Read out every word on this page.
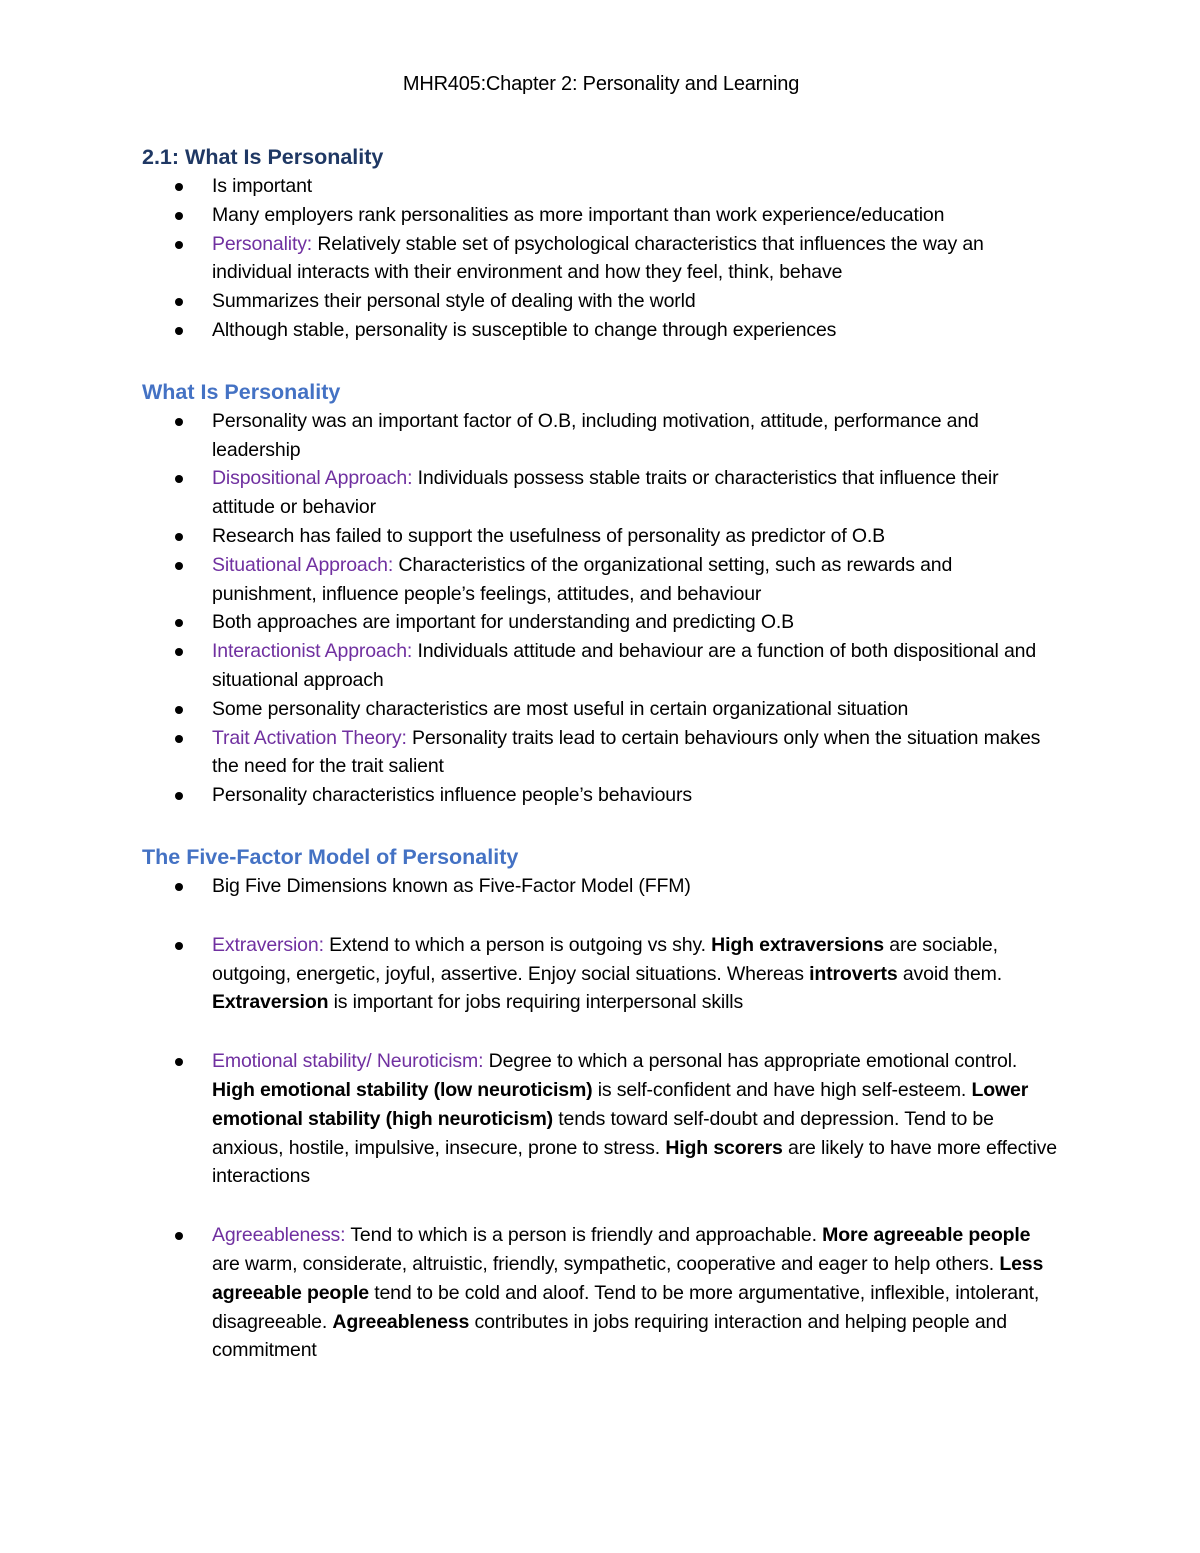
MHR405:Chapter 2: Personality and Learning
2.1: What Is Personality
Is important
Many employers rank personalities as more important than work experience/education
Personality: Relatively stable set of psychological characteristics that influences the way an individual interacts with their environment and how they feel, think, behave
Summarizes their personal style of dealing with the world
Although stable, personality is susceptible to change through experiences
What Is Personality
Personality was an important factor of O.B, including motivation, attitude, performance and leadership
Dispositional Approach: Individuals possess stable traits or characteristics that influence their attitude or behavior
Research has failed to support the usefulness of personality as predictor of O.B
Situational Approach: Characteristics of the organizational setting, such as rewards and punishment, influence people’s feelings, attitudes, and behaviour
Both approaches are important for understanding and predicting O.B
Interactionist Approach: Individuals attitude and behaviour are a function of both dispositional and situational approach
Some personality characteristics are most useful in certain organizational situation
Trait Activation Theory: Personality traits lead to certain behaviours only when the situation makes the need for the trait salient
Personality characteristics influence people’s behaviours
The Five-Factor Model of Personality
Big Five Dimensions known as Five-Factor Model (FFM)
Extraversion: Extend to which a person is outgoing vs shy. High extraversions are sociable, outgoing, energetic, joyful, assertive. Enjoy social situations. Whereas introverts avoid them. Extraversion is important for jobs requiring interpersonal skills
Emotional stability/ Neuroticism: Degree to which a personal has appropriate emotional control. High emotional stability (low neuroticism) is self-confident and have high self-esteem. Lower emotional stability (high neuroticism) tends toward self-doubt and depression. Tend to be anxious, hostile, impulsive, insecure, prone to stress. High scorers are likely to have more effective interactions
Agreeableness: Tend to which is a person is friendly and approachable. More agreeable people are warm, considerate, altruistic, friendly, sympathetic, cooperative and eager to help others. Less agreeable people tend to be cold and aloof. Tend to be more argumentative, inflexible, intolerant, disagreeable. Agreeableness contributes in jobs requiring interaction and helping people and commitment
